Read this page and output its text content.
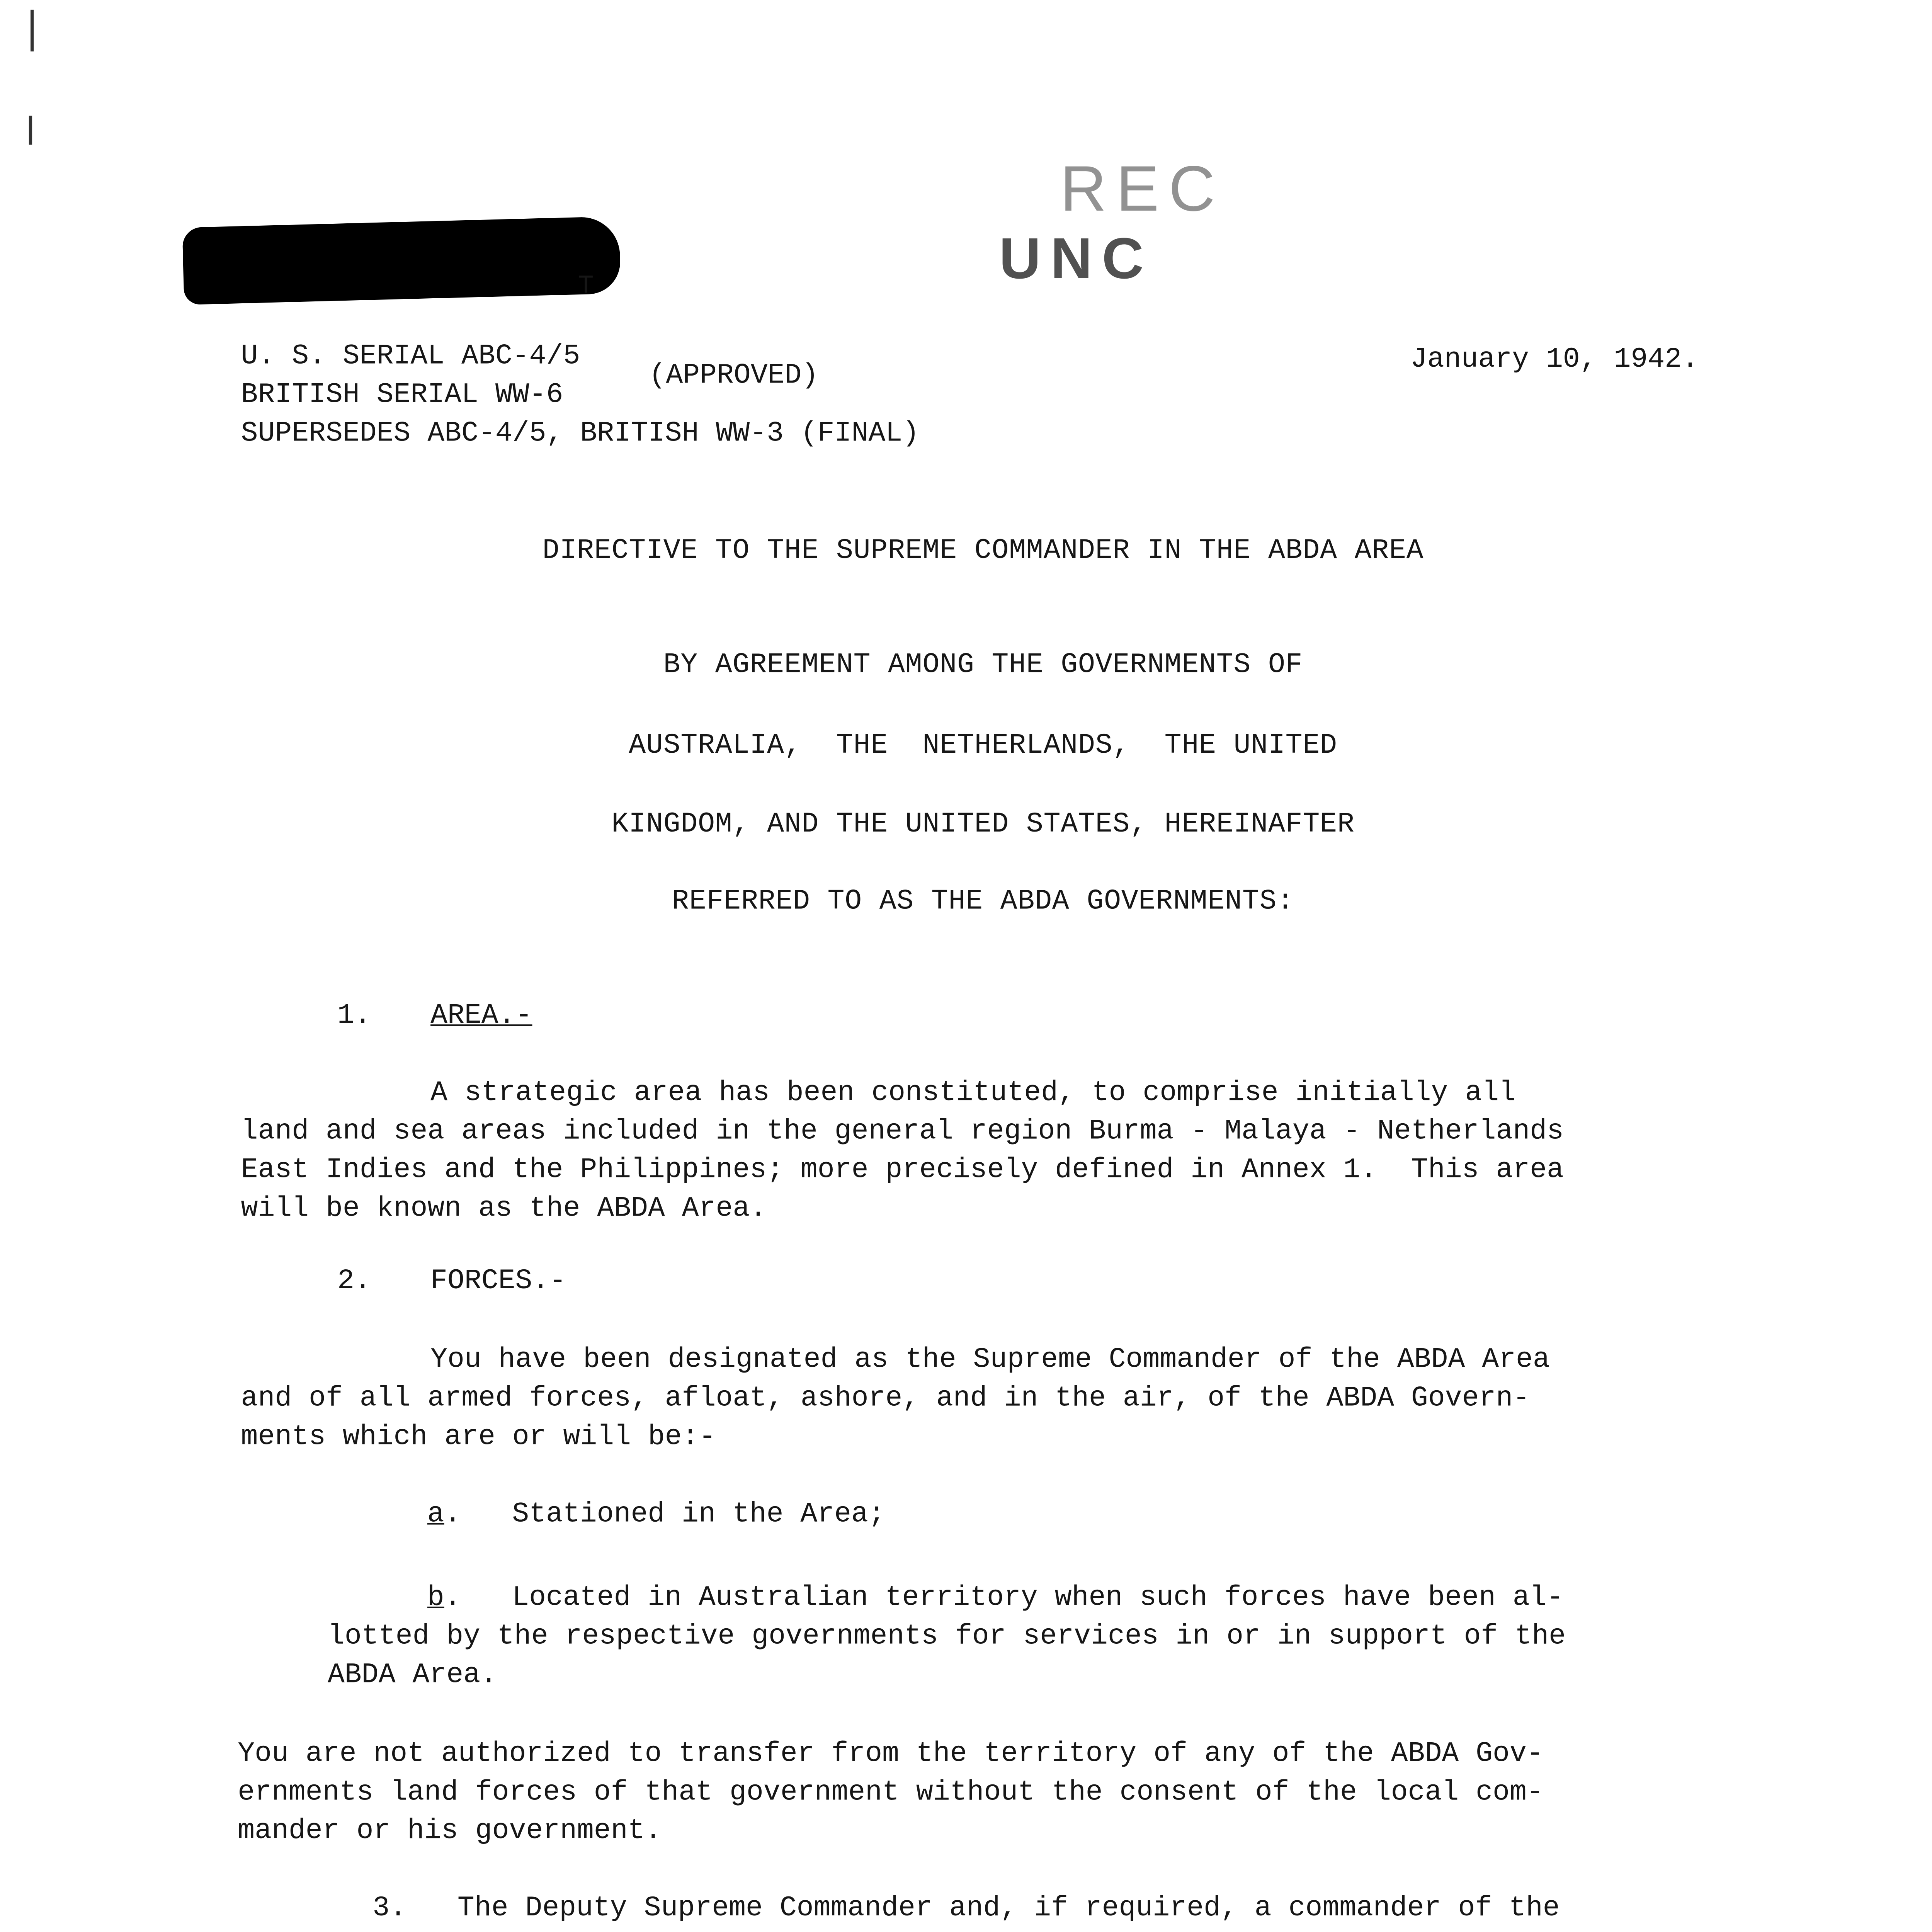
REC
UNC
T
U. S. SERIAL ABC-4/5
BRITISH SERIAL WW-6
(APPROVED)
SUPERSEDES ABC-4/5, BRITISH WW-3 (FINAL)
January 10, 1942.
DIRECTIVE TO THE SUPREME COMMANDER IN THE ABDA AREA
BY AGREEMENT AMONG THE GOVERNMENTS OF
AUSTRALIA,  THE  NETHERLANDS,  THE UNITED
KINGDOM, AND THE UNITED STATES, HEREINAFTER
REFERRED TO AS THE ABDA GOVERNMENTS:
1.	AREA.-

A strategic area has been constituted, to comprise initially all
land and sea areas included in the general region Burma - Malaya - Netherlands
East Indies and the Philippines; more precisely defined in Annex 1.  This area
will be known as the ABDA Area.

2.	FORCES.-

You have been designated as the Supreme Commander of the ABDA Area
and of all armed forces, afloat, ashore, and in the air, of the ABDA Govern-
ments which are or will be:-

a.   Stationed in the Area;

b.   Located in Australian territory when such forces have been al-
lotted by the respective governments for services in or in support of the
ABDA Area.

You are not authorized to transfer from the territory of any of the ABDA Gov-
ernments land forces of that government without the consent of the local com-
mander or his government.

3.   The Deputy Supreme Commander and, if required, a commander of the
